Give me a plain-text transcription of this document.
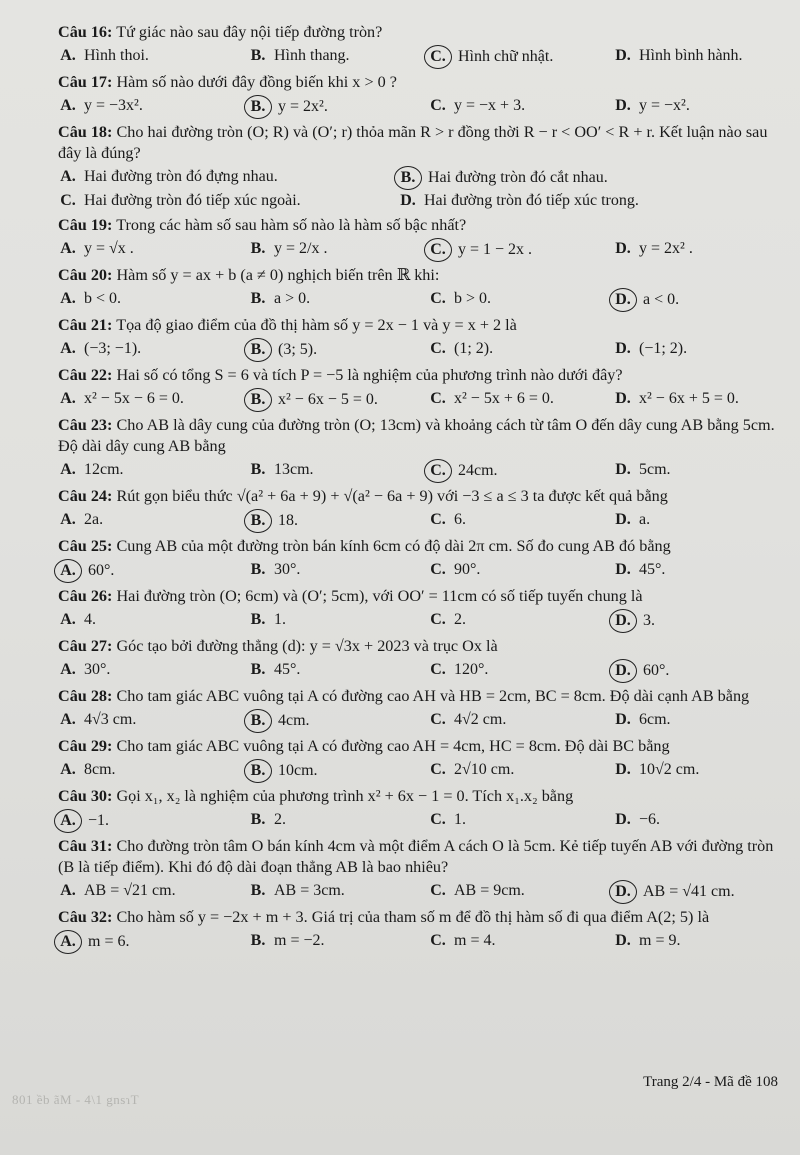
Câu 16: Tứ giác nào sau đây nội tiếp đường tròn?

A. Hình thoi.	B. Hình thang.	C. Hình chữ nhật.	D. Hình bình hành.

Câu 17: Hàm số nào dưới đây đồng biến khi x > 0 ?

A. y = −3x².	B. y = 2x².	C. y = −x + 3.	D. y = −x².

Câu 18: Cho hai đường tròn (O; R) và (O′; r) thỏa mãn R > r đồng thời R − r < OO′ < R + r. Kết luận nào sau đây là đúng?

A. Hai đường tròn đó đựng nhau.	B. Hai đường tròn đó cắt nhau.
C. Hai đường tròn đó tiếp xúc ngoài.	D. Hai đường tròn đó tiếp xúc trong.

Câu 19: Trong các hàm số sau hàm số nào là hàm số bậc nhất?

A. y = √x .	B. y = 2/x .	C. y = 1 − 2x .	D. y = 2x² .

Câu 20: Hàm số y = ax + b (a ≠ 0) nghịch biến trên ℝ khi:

A. b < 0.	B. a > 0.	C. b > 0.	D. a < 0.

Câu 21: Tọa độ giao điểm của đồ thị hàm số y = 2x − 1 và y = x + 2 là

A. (−3; −1).	B. (3; 5).	C. (1; 2).	D. (−1; 2).

Câu 22: Hai số có tổng S = 6 và tích P = −5 là nghiệm của phương trình nào dưới đây?

A. x² − 5x − 6 = 0.	B. x² − 6x − 5 = 0.	C. x² − 5x + 6 = 0.	D. x² − 6x + 5 = 0.

Câu 23: Cho AB là dây cung của đường tròn (O; 13cm) và khoảng cách từ tâm O đến dây cung AB bằng 5cm. Độ dài dây cung AB bằng

A. 12cm.	B. 13cm.	C. 24cm.	D. 5cm.

Câu 24: Rút gọn biểu thức √(a² + 6a + 9) + √(a² − 6a + 9) với −3 ≤ a ≤ 3 ta được kết quả bằng

A. 2a.	B. 18.	C. 6.	D. a.

Câu 25: Cung AB của một đường tròn bán kính 6cm có độ dài 2π cm. Số đo cung AB đó bằng

A. 60°.	B. 30°.	C. 90°.	D. 45°.

Câu 26: Hai đường tròn (O; 6cm) và (O′; 5cm), với OO′ = 11cm có số tiếp tuyến chung là

A. 4.	B. 1.	C. 2.	D. 3.

Câu 27: Góc tạo bởi đường thẳng (d): y = √3x + 2023 và trục Ox là

A. 30°.	B. 45°.	C. 120°.	D. 60°.

Câu 28: Cho tam giác ABC vuông tại A có đường cao AH và HB = 2cm, BC = 8cm. Độ dài cạnh AB bằng

A. 4√3 cm.	B. 4cm.	C. 4√2 cm.	D. 6cm.

Câu 29: Cho tam giác ABC vuông tại A có đường cao AH = 4cm, HC = 8cm. Độ dài BC bằng

A. 8cm.	B. 10cm.	C. 2√10 cm.	D. 10√2 cm.

Câu 30: Gọi x₁, x₂ là nghiệm của phương trình x² + 6x − 1 = 0. Tích x₁.x₂ bằng

A. −1.	B. 2.	C. 1.	D. −6.

Câu 31: Cho đường tròn tâm O bán kính 4cm và một điểm A cách O là 5cm. Kẻ tiếp tuyến AB với đường tròn (B là tiếp điểm). Khi đó độ dài đoạn thẳng AB là bao nhiêu?

A. AB = √21 cm.	B. AB = 3cm.	C. AB = 9cm.	D. AB = √41 cm.

Câu 32: Cho hàm số y = −2x + m + 3. Giá trị của tham số m để đồ thị hàm số đi qua điểm A(2; 5) là

A. m = 6.	B. m = −2.	C. m = 4.	D. m = 9.
Trang 2/4 - Mã đề 108
801 ềb ãM - 4\1 gnsɿT
